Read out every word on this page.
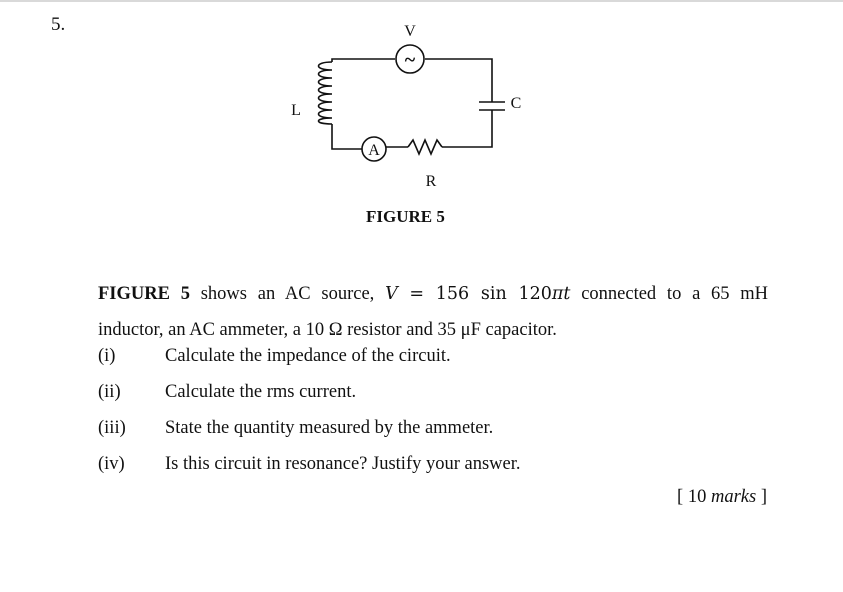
5.
~
V
L	C
A
R
FIGURE 5
FIGURE 5 shows an AC source, V = 156 sin 120πt connected to a 65 mH
inductor, an AC ammeter, a 10 Ω resistor and 35 μF capacitor.
(i)	Calculate the impedance of the circuit.
(ii) Calculate the rms current.
(iii) State the quantity measured by the ammeter.
(iv) Is this circuit in resonance? Justify your answer.
[ 10 marks ]
